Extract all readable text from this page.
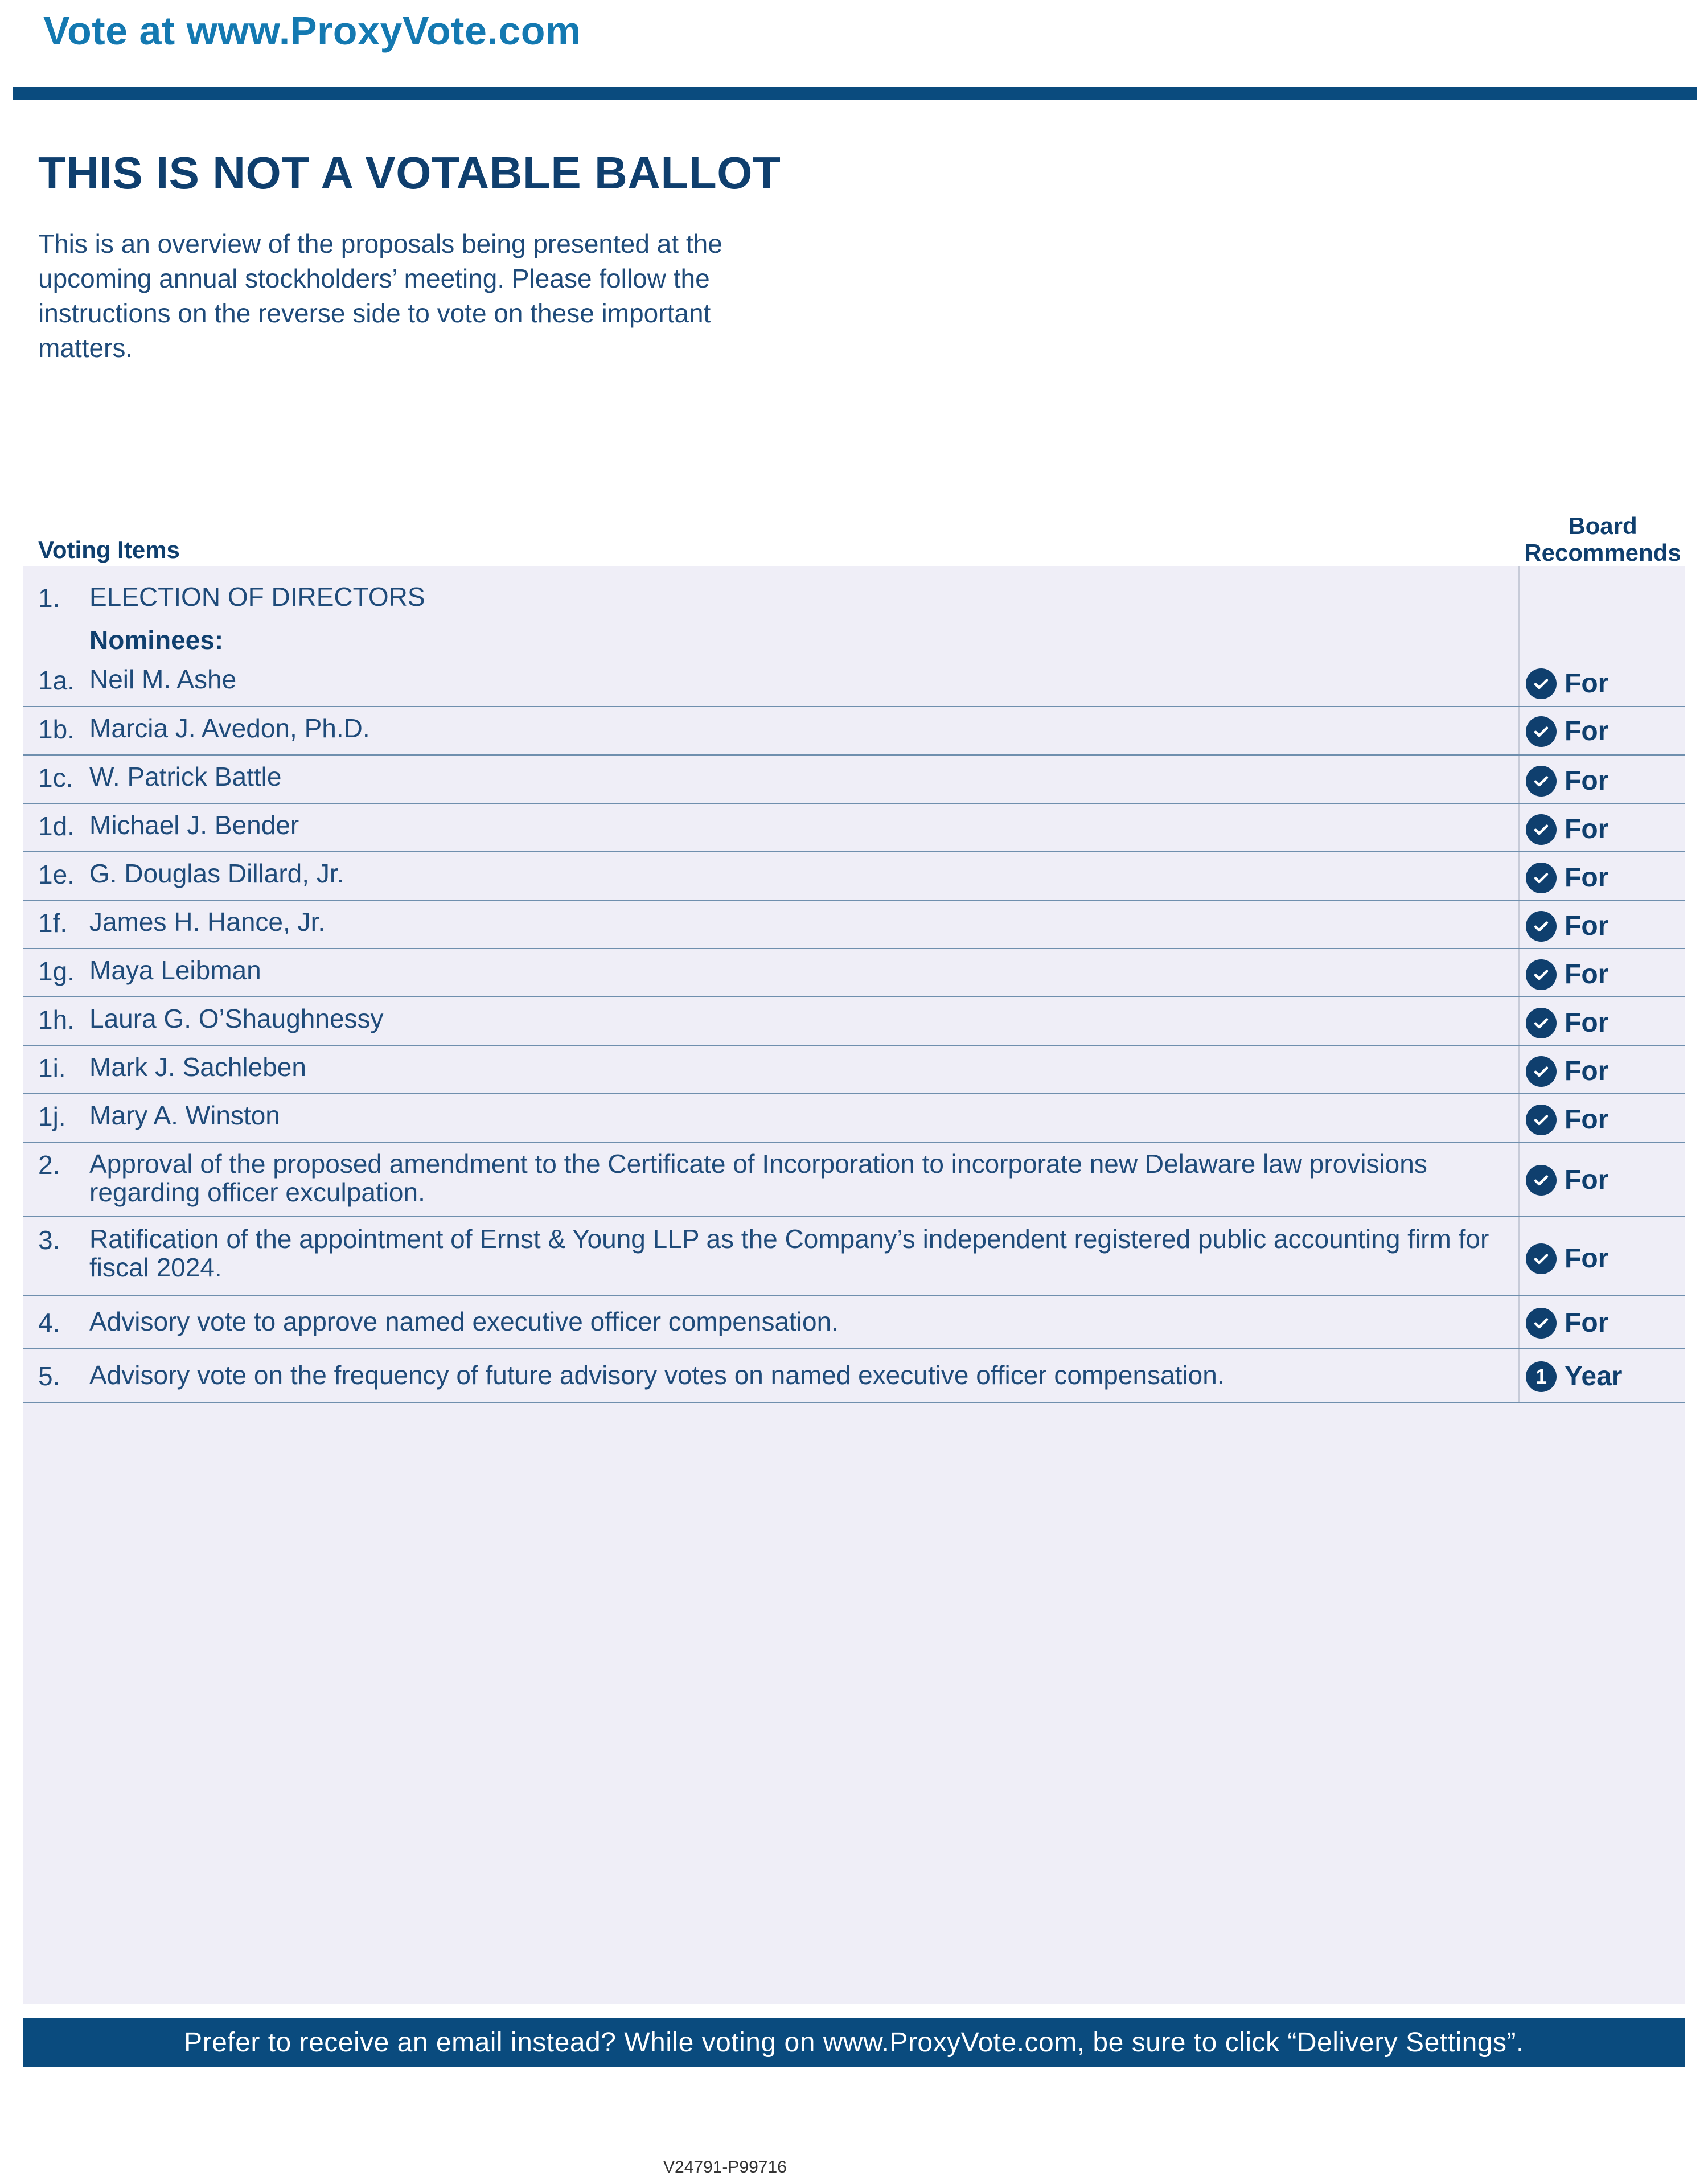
Vote at www.ProxyVote.com
THIS IS NOT A VOTABLE BALLOT
This is an overview of the proposals being presented at the upcoming annual stockholders’ meeting. Please follow the instructions on the reverse side to vote on these important matters.
Voting Items
Board Recommends
1. ELECTION OF DIRECTORS
Nominees:
1a. Neil M. Ashe	For
1b. Marcia J. Avedon, Ph.D.	For
1c. W. Patrick Battle	For
1d. Michael J. Bender	For
1e. G. Douglas Dillard, Jr.	For
1f. James H. Hance, Jr.	For
1g. Maya Leibman	For
1h. Laura G. O’Shaughnessy	For
1i. Mark J. Sachleben	For
1j. Mary A. Winston	For
2. Approval of the proposed amendment to the Certificate of Incorporation to incorporate new Delaware law provisions regarding officer exculpation.	For
3. Ratification of the appointment of Ernst & Young LLP as the Company’s independent registered public accounting firm for fiscal 2024.	For
4. Advisory vote to approve named executive officer compensation.	For
5. Advisory vote on the frequency of future advisory votes on named executive officer compensation.	1 Year
Prefer to receive an email instead? While voting on www.ProxyVote.com, be sure to click “Delivery Settings”.
V24791-P99716
